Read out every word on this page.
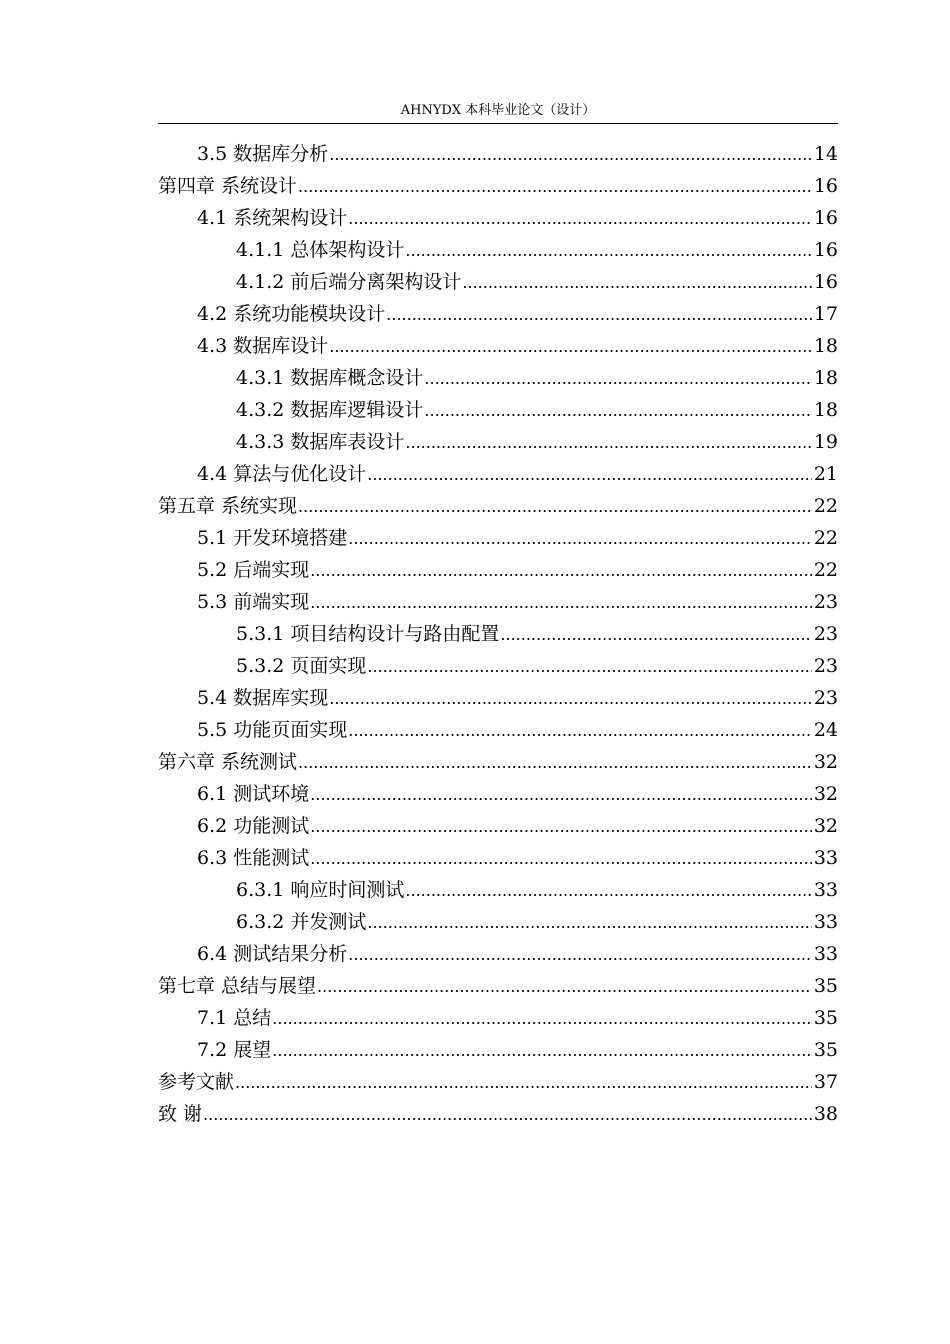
AHNYDX 本科毕业论文（设计）
3.5 数据库分析 .....	14
第四章 系统设计 .....	16
4.1 系统架构设计 .....	16
4.1.1 总体架构设计 .....	16
4.1.2 前后端分离架构设计 .....	16
4.2 系统功能模块设计 .....	17
4.3 数据库设计 .....	18
4.3.1 数据库概念设计 .....	18
4.3.2 数据库逻辑设计 .....	18
4.3.3 数据库表设计 .....	19
4.4 算法与优化设计 .....	21
第五章 系统实现 .....	22
5.1 开发环境搭建 .....	22
5.2 后端实现 .....	22
5.3 前端实现 .....	23
5.3.1 项目结构设计与路由配置 .....	23
5.3.2 页面实现 .....	23
5.4 数据库实现 .....	23
5.5 功能页面实现 .....	24
第六章 系统测试 .....	32
6.1 测试环境 .....	32
6.2 功能测试 .....	32
6.3 性能测试 .....	33
6.3.1 响应时间测试 .....	33
6.3.2 并发测试 .....	33
6.4 测试结果分析 .....	33
第七章 总结与展望 .....	35
7.1 总结 .....	35
7.2 展望 .....	35
参考文献 .....	37
致 谢 .....	38
